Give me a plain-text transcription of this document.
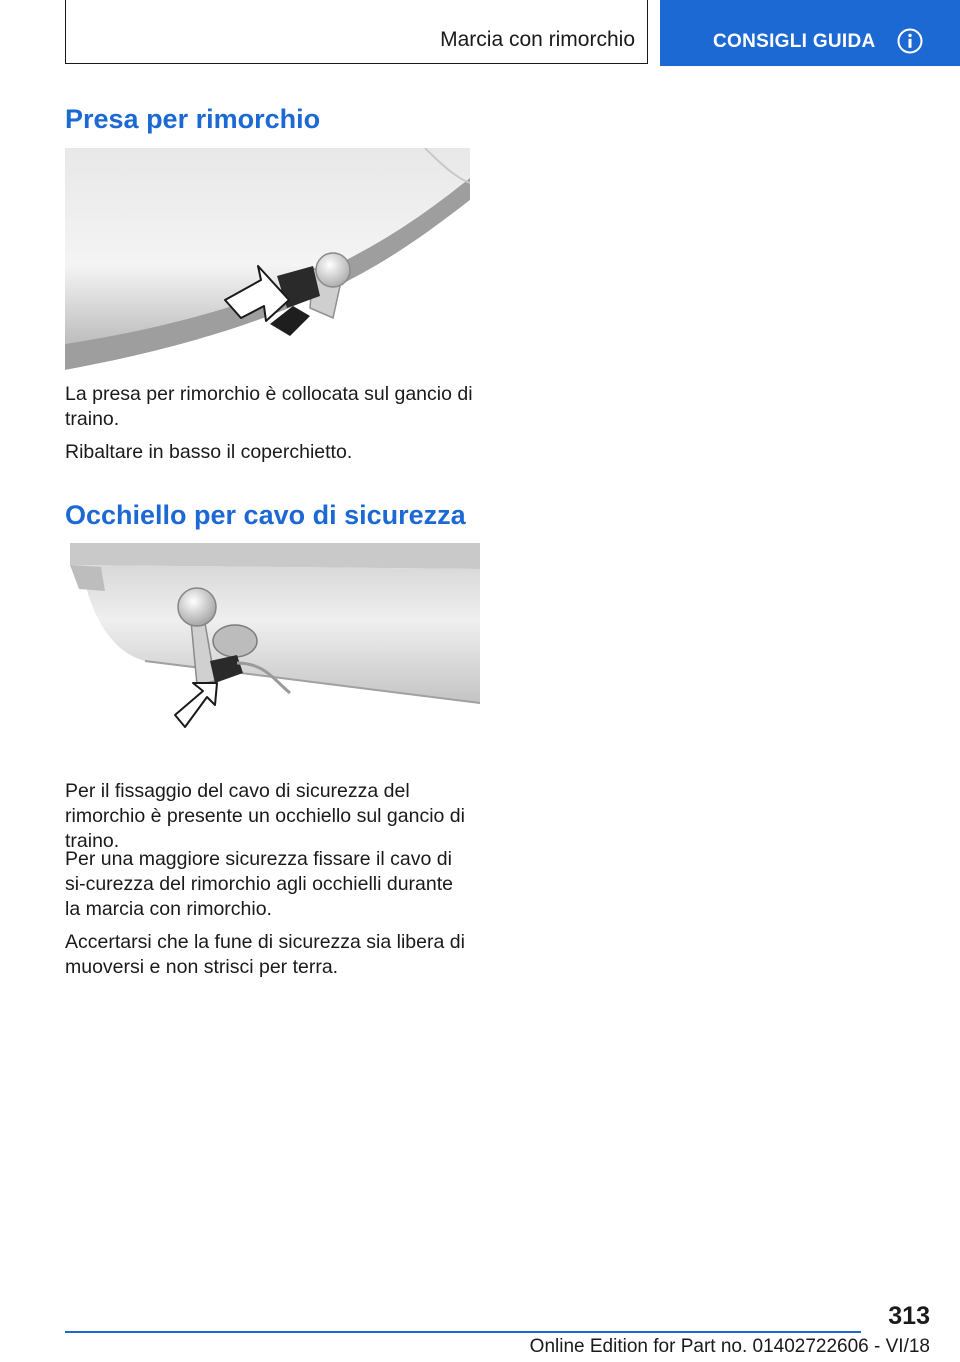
Marcia con rimorchio	CONSIGLI GUIDA
Presa per rimorchio

La presa per rimorchio è collocata sul gancio di traino.

Ribaltare in basso il coperchietto.

Occhiello per cavo di sicurezza

Per il fissaggio del cavo di sicurezza del rimorchio è presente un occhiello sul gancio di traino.

Per una maggiore sicurezza fissare il cavo di si-curezza del rimorchio agli occhielli durante la marcia con rimorchio.

Accertarsi che la fune di sicurezza sia libera di muoversi e non strisci per terra.

313
Online Edition for Part no. 01402722606 - VI/18
